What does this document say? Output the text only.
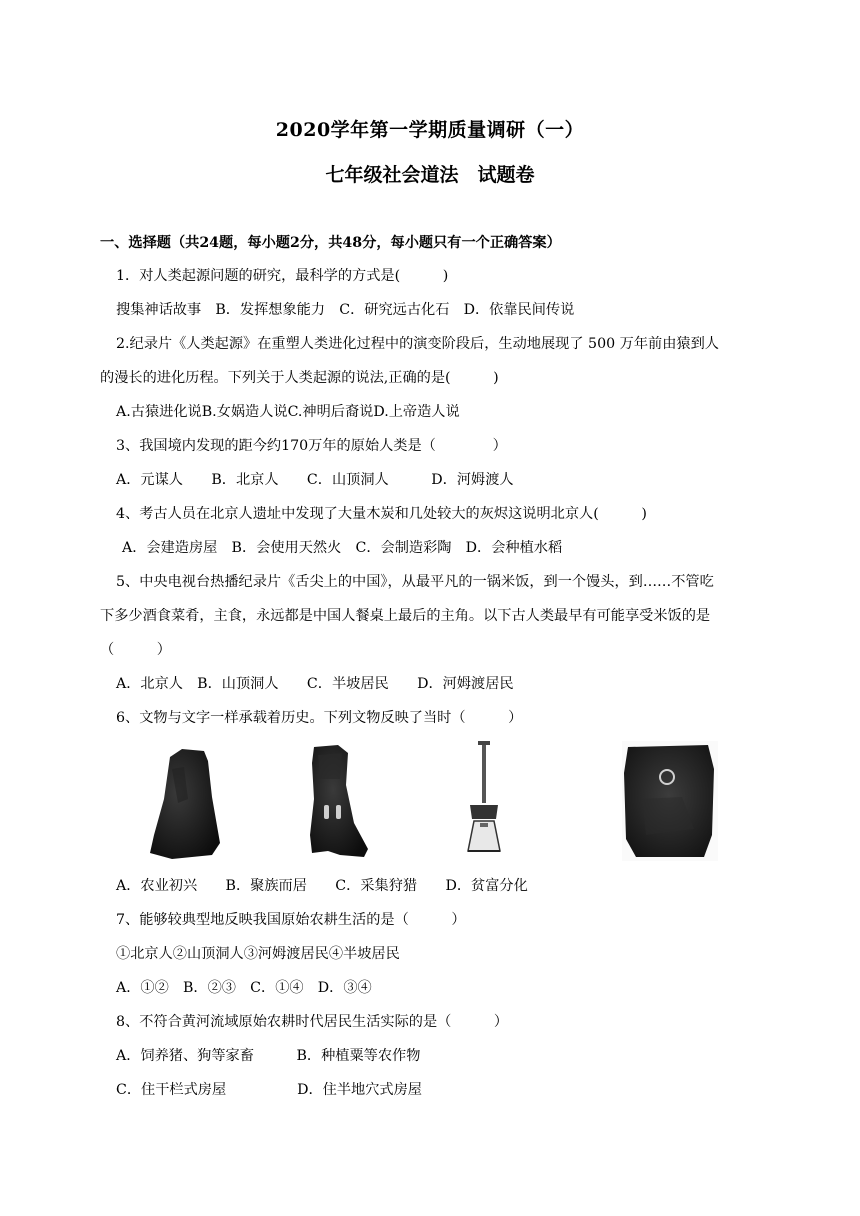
2020学年第一学期质量调研（一）
七年级社会道法　试题卷
一、选择题（共24题，每小题2分，共48分，每小题只有一个正确答案）
1．对人类起源问题的研究，最科学的方式是(　　　)
搜集神话故事　B．发挥想象能力　C．研究远古化石　D．依靠民间传说
2.纪录片《人类起源》在重塑人类进化过程中的演变阶段后，生动地展现了 500 万年前由猿到人
的漫长的进化历程。下列关于人类起源的说法,正确的是(　　　)
A.古猿进化说B.女娲造人说C.神明后裔说D.上帝造人说
3、我国境内发现的距今约170万年的原始人类是（　　　　）
A．元谋人　　B．北京人　　C．山顶洞人　　　D．河姆渡人
4、考古人员在北京人遗址中发现了大量木炭和几处较大的灰烬这说明北京人(　　　)
A．会建造房屋　B．会使用天然火　C．会制造彩陶　D．会种植水稻
5、中央电视台热播纪录片《舌尖上的中国》，从最平凡的一锅米饭，到一个馒头，到……不管吃
下多少酒食菜肴，主食，永远都是中国人餐桌上最后的主角。以下古人类最早有可能享受米饭的是
（　　　）
A．北京人　B．山顶洞人　　C．半坡居民　　D．河姆渡居民
6、文物与文字一样承载着历史。下列文物反映了当时（　　　）
A．农业初兴　　B．聚族而居　　C．采集狩猎　　D．贫富分化
7、能够较典型地反映我国原始农耕生活的是（　　　）
①北京人②山顶洞人③河姆渡居民④半坡居民
A．①②　B．②③　C．①④　D．③④
8、不符合黄河流域原始农耕时代居民生活实际的是（　　　）
A．饲养猪、狗等家畜　　　B．种植粟等农作物
C．住干栏式房屋　　　　　D．住半地穴式房屋
